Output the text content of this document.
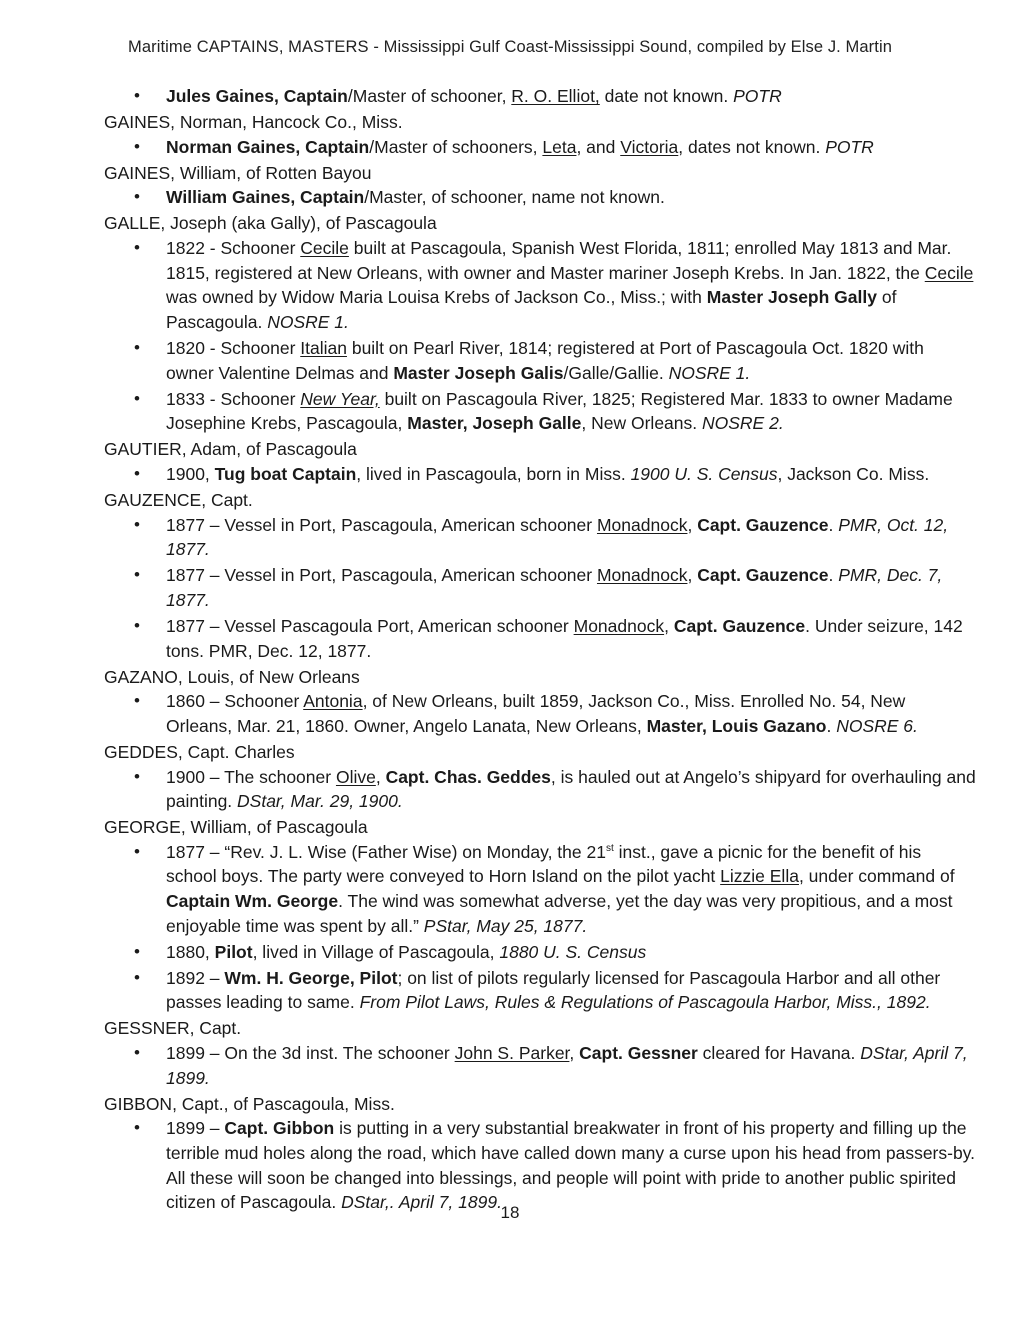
Maritime CAPTAINS, MASTERS - Mississippi Gulf Coast-Mississippi Sound, compiled by Else J. Martin
• Jules Gaines, Captain/Master of schooner, R. O. Elliot, date not known. POTR
GAINES, Norman, Hancock Co., Miss.
• Norman Gaines, Captain/Master of schooners, Leta, and Victoria, dates not known. POTR
GAINES, William, of Rotten Bayou
• William Gaines, Captain/Master, of schooner, name not known.
GALLE, Joseph (aka Gally), of Pascagoula
• 1822 - Schooner Cecile built at Pascagoula, Spanish West Florida, 1811; enrolled May 1813 and Mar. 1815, registered at New Orleans, with owner and Master mariner Joseph Krebs. In Jan. 1822, the Cecile was owned by Widow Maria Louisa Krebs of Jackson Co., Miss.; with Master Joseph Gally of Pascagoula. NOSRE 1.
• 1820 - Schooner Italian built on Pearl River, 1814; registered at Port of Pascagoula Oct. 1820 with owner Valentine Delmas and Master Joseph Galis/Galle/Gallie. NOSRE 1.
• 1833 - Schooner New Year, built on Pascagoula River, 1825; Registered Mar. 1833 to owner Madame Josephine Krebs, Pascagoula, Master, Joseph Galle, New Orleans. NOSRE 2.
GAUTIER, Adam, of Pascagoula
• 1900, Tug boat Captain, lived in Pascagoula, born in Miss. 1900 U. S. Census, Jackson Co. Miss.
GAUZENCE, Capt.
• 1877 – Vessel in Port, Pascagoula, American schooner Monadnock, Capt. Gauzence. PMR, Oct. 12, 1877.
• 1877 – Vessel in Port, Pascagoula, American schooner Monadnock, Capt. Gauzence. PMR, Dec. 7, 1877.
• 1877 – Vessel Pascagoula Port, American schooner Monadnock, Capt. Gauzence. Under seizure, 142 tons. PMR, Dec. 12, 1877.
GAZANO, Louis, of New Orleans
• 1860 – Schooner Antonia, of New Orleans, built 1859, Jackson Co., Miss. Enrolled No. 54, New Orleans, Mar. 21, 1860. Owner, Angelo Lanata, New Orleans, Master, Louis Gazano. NOSRE 6.
GEDDES, Capt. Charles
• 1900 – The schooner Olive, Capt. Chas. Geddes, is hauled out at Angelo’s shipyard for overhauling and painting. DStar, Mar. 29, 1900.
GEORGE, William, of Pascagoula
• 1877 – “Rev. J. L. Wise (Father Wise) on Monday, the 21st inst., gave a picnic for the benefit of his school boys. The party were conveyed to Horn Island on the pilot yacht Lizzie Ella, under command of Captain Wm. George. The wind was somewhat adverse, yet the day was very propitious, and a most enjoyable time was spent by all.” PStar, May 25, 1877.
• 1880, Pilot, lived in Village of Pascagoula, 1880 U. S. Census
• 1892 – Wm. H. George, Pilot; on list of pilots regularly licensed for Pascagoula Harbor and all other passes leading to same. From Pilot Laws, Rules & Regulations of Pascagoula Harbor, Miss., 1892.
GESSNER, Capt.
• 1899 – On the 3d inst. The schooner John S. Parker, Capt. Gessner cleared for Havana. DStar, April 7, 1899.
GIBBON, Capt., of Pascagoula, Miss.
• 1899 – Capt. Gibbon is putting in a very substantial breakwater in front of his property and filling up the terrible mud holes along the road, which have called down many a curse upon his head from passers-by. All these will soon be changed into blessings, and people will point with pride to another public spirited citizen of Pascagoula. DStar,. April 7, 1899.
18
